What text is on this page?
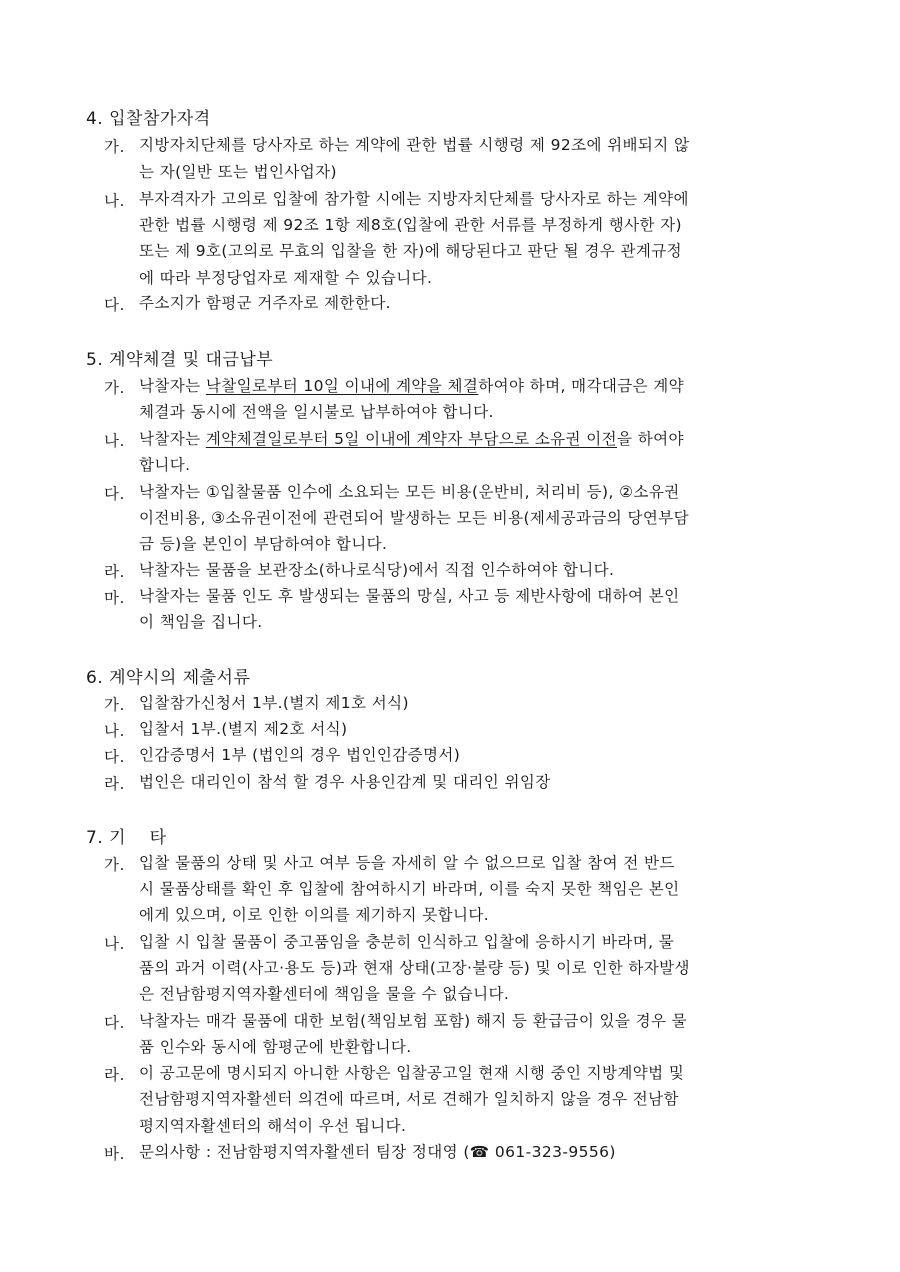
4. 입찰참가자격
가. 지방자치단체를 당사자로 하는 계약에 관한 법률 시행령 제 92조에 위배되지 않
는 자(일반 또는 법인사업자)
나. 부자격자가 고의로 입찰에 참가할 시에는 지방자치단체를 당사자로 하는 계약에
관한 법률 시행령 제 92조 1항 제8호(입찰에 관한 서류를 부정하게 행사한 자)
또는 제 9호(고의로 무효의 입찰을 한 자)에 해당된다고 판단 될 경우 관계규정
에 따라 부정당업자로 제재할 수 있습니다.
다. 주소지가 함평군 거주자로 제한한다.
5. 계약체결 및 대금납부
가. 낙찰자는 낙찰일로부터 10일 이내에 계약을 체결하여야 하며, 매각대금은 계약
체결과 동시에 전액을 일시불로 납부하여야 합니다.
나. 낙찰자는 계약체결일로부터 5일 이내에 계약자 부담으로 소유권 이전을 하여야
합니다.
다. 낙찰자는 ①입찰물품 인수에 소요되는 모든 비용(운반비, 처리비 등), ②소유권
이전비용, ③소유권이전에 관련되어 발생하는 모든 비용(제세공과금의 당연부담
금 등)을 본인이 부담하여야 합니다.
라. 낙찰자는 물품을 보관장소(하나로식당)에서 직접 인수하여야 합니다.
마. 낙찰자는 물품 인도 후 발생되는 물품의 망실, 사고 등 제반사항에 대하여 본인
이 책임을 집니다.
6. 계약시의 제출서류
가. 입찰참가신청서 1부.(별지 제1호 서식)
나. 입찰서 1부.(별지 제2호 서식)
다. 인감증명서 1부 (법인의 경우 법인인감증명서)
라. 법인은 대리인이 참석 할 경우 사용인감계 및 대리인 위임장
7. 기    타
가. 입찰 물품의 상태 및 사고 여부 등을 자세히 알 수 없으므로 입찰 참여 전 반드
시 물품상태를 확인 후 입찰에 참여하시기 바라며, 이를 숙지 못한 책임은 본인
에게 있으며, 이로 인한 이의를 제기하지 못합니다.
나. 입찰 시 입찰 물품이 중고품임을 충분히 인식하고 입찰에 응하시기 바라며, 물
품의 과거 이력(사고·용도 등)과 현재 상태(고장·불량 등) 및 이로 인한 하자발생
은 전남함평지역자활센터에 책임을 물을 수 없습니다.
다. 낙찰자는 매각 물품에 대한 보험(책임보험 포함) 해지 등 환급금이 있을 경우 물
품 인수와 동시에 함평군에 반환합니다.
라. 이 공고문에 명시되지 아니한 사항은 입찰공고일 현재 시행 중인 지방계약법 및
전남함평지역자활센터 의견에 따르며, 서로 견해가 일치하지 않을 경우 전남함
평지역자활센터의 해석이 우선 됩니다.
바. 문의사항 : 전남함평지역자활센터 팀장 정대영 (☎ 061-323-9556)
